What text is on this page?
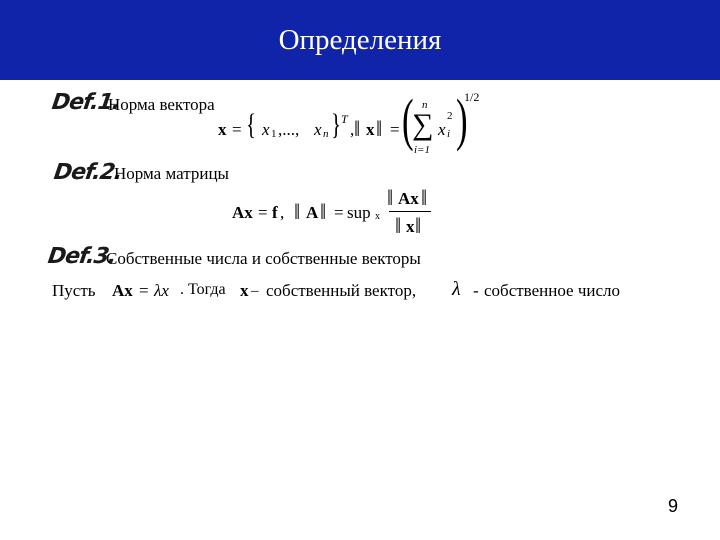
Определения
Def.1.
Норма вектора
x = { x 1 ,..., x n } T
, ‖ x ‖ = ( n
∑
i=1
x i
2 )
1/2
Def.2.
Норма матрицы
Ax = f , ‖ A ‖ = sup x
‖ Ax ‖
‖ x ‖
Def.3.
Собственные числа и собственные векторы
Пусть Ax = λx . Тогда x – собственный вектор, λ - собственное число
9
